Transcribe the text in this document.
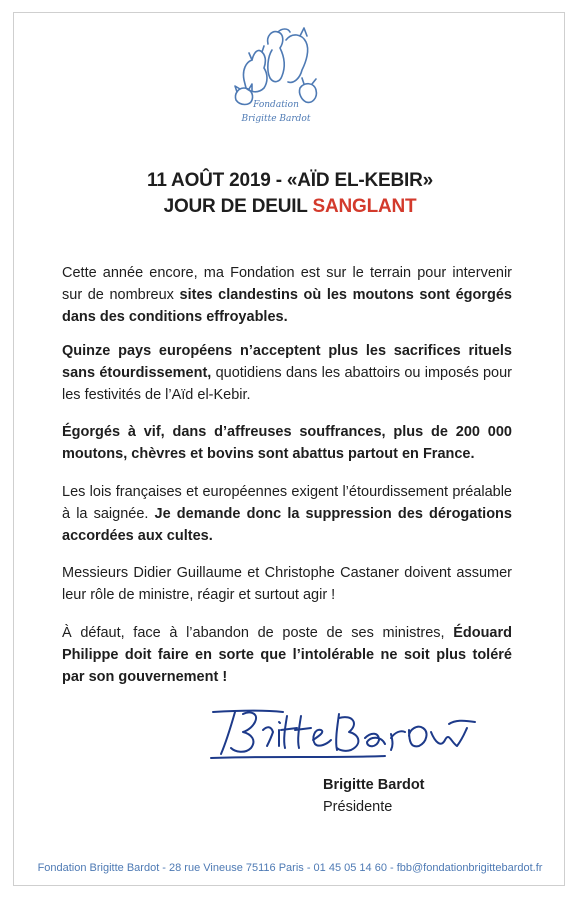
Fondation
Brigitte Bardot
11 AOÛT 2019 - «AÏD EL-KEBIR»
JOUR DE DEUIL SANGLANT

Cette année encore, ma Fondation est sur le terrain pour intervenir sur de nombreux sites clandestins où les moutons sont égorgés dans des conditions effroyables.

Quinze pays européens n’acceptent plus les sacrifices rituels sans étourdissement, quotidiens dans les abattoirs ou imposés pour les festivités de l’Aïd el-Kebir.

Égorgés à vif, dans d’affreuses souffrances, plus de 200 000 moutons, chèvres et bovins sont abattus partout en France.

Les lois françaises et européennes exigent l’étourdissement préalable à la saignée. Je demande donc la suppression des dérogations accordées aux cultes.

Messieurs Didier Guillaume et Christophe Castaner doivent assumer leur rôle de ministre, réagir et surtout agir !

À défaut, face à l’abandon de poste de ses ministres, Édouard Philippe doit faire en sorte que l’intolérable ne soit plus toléré par son gouvernement !

Brigitte Bardot
Présidente
Fondation Brigitte Bardot - 28 rue Vineuse 75116 Paris - 01 45 05 14 60 - fbb@fondationbrigittebardot.fr
